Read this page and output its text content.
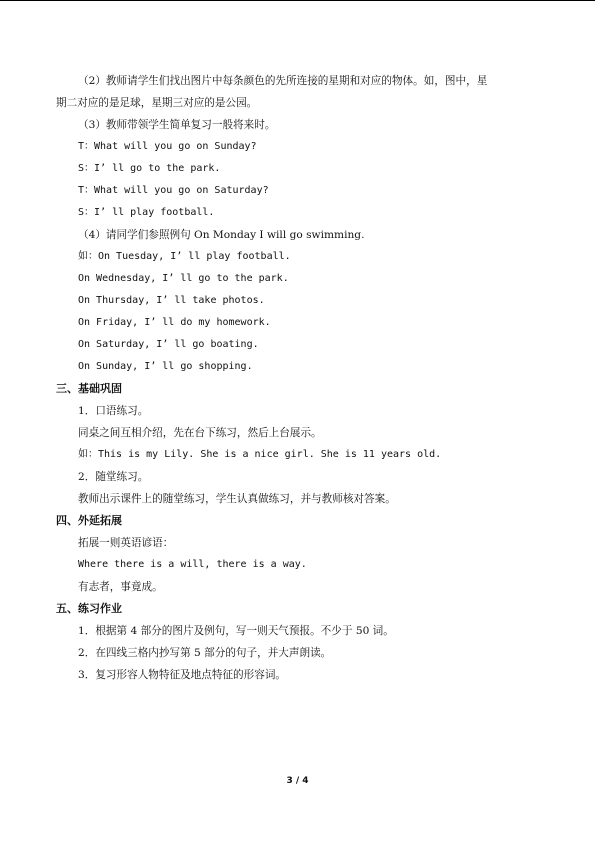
（2）教师请学生们找出图片中每条颜色的先所连接的星期和对应的物体。如，图中，星
期二对应的是足球，星期三对应的是公园。
（3）教师带领学生简单复习一般将来时。
T：What will you go on Sunday?
S：I’ ll go to the park.
T：What will you go on Saturday?
S：I’ ll play football.
（4）请同学们参照例句 On Monday I will go swimming.
如：On Tuesday, I’ ll play football.
On Wednesday, I’ ll go to the park.
On Thursday, I’ ll take photos.
On Friday, I’ ll do my homework.
On Saturday, I’ ll go boating.
On Sunday, I’ ll go shopping.
三、基础巩固
1．口语练习。
同桌之间互相介绍，先在台下练习，然后上台展示。
如：This is my Lily. She is a nice girl. She is 11 years old.
2．随堂练习。
教师出示课件上的随堂练习，学生认真做练习，并与教师核对答案。
四、外延拓展
拓展一则英语谚语：
Where there is a will, there is a way.
有志者，事竟成。
五、练习作业
1．根据第 4 部分的图片及例句，写一则天气预报。不少于 50 词。
2．在四线三格内抄写第 5 部分的句子，并大声朗读。
3．复习形容人物特征及地点特征的形容词。
3 / 4
